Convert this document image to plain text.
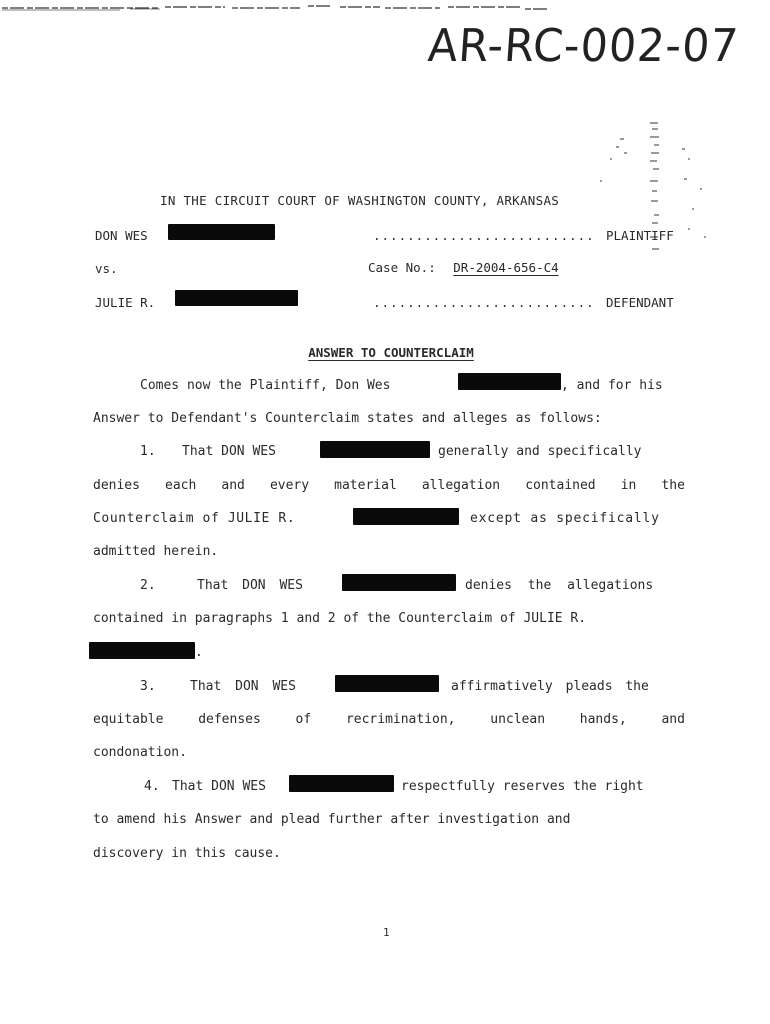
AR-RC-002-07
IN THE CIRCUIT COURT OF WASHINGTON COUNTY, ARKANSAS
DON WES	.......................... PLAINTIFF
vs.	Case No.: DR-2004-656-C4
JULIE R.	.......................... DEFENDANT
ANSWER TO COUNTERCLAIM
Comes now the Plaintiff, Don Wes	, and for his
Answer to Defendant's Counterclaim states and alleges as follows:
1. That DON WES	generally and specifically
denies each and every material allegation contained in the
Counterclaim of JULIE R.	except as specifically
admitted herein.
2.	That DON WES	denies the allegations
contained in paragraphs 1 and 2 of the Counterclaim of JULIE R.
.
3.	That DON WES	affirmatively pleads the
equitable	defenses	of	recrimination,	unclean	hands,	and
condonation.
4. That DON WES	respectfully reserves the right
to amend his Answer and plead further after investigation and
discovery in this cause.
1
